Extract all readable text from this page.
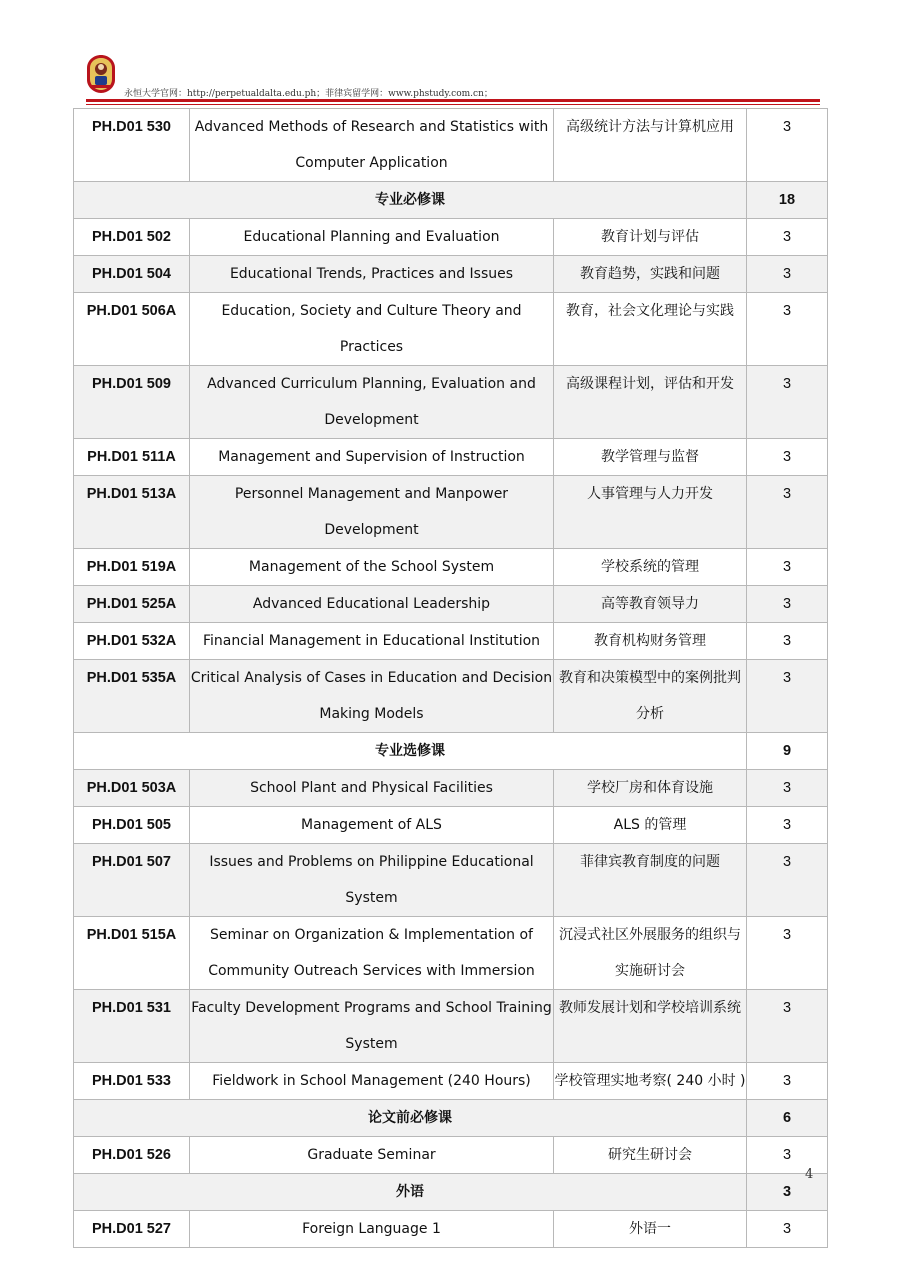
永恒大学官网：http://perpetualdalta.edu.ph；菲律宾留学网：www.phstudy.com.cn；
PH.D01 530	Advanced Methods of Research and Statistics with Computer Application	高级统计方法与计算机应用	3
专业必修课			18
PH.D01 502	Educational Planning and Evaluation	教育计划与评估	3
PH.D01 504	Educational Trends, Practices and Issues	教育趋势，实践和问题	3
PH.D01 506A	Education, Society and Culture Theory and Practices	教育，社会文化理论与实践	3
PH.D01 509	Advanced Curriculum Planning, Evaluation and Development	高级课程计划，评估和开发	3
PH.D01 511A	Management and Supervision of Instruction	教学管理与监督	3
PH.D01 513A	Personnel Management and Manpower Development	人事管理与人力开发	3
PH.D01 519A	Management of the School System	学校系统的管理	3
PH.D01 525A	Advanced Educational Leadership	高等教育领导力	3
PH.D01 532A	Financial Management in Educational Institution	教育机构财务管理	3
PH.D01 535A	Critical Analysis of Cases in Education and Decision Making Models	教育和决策模型中的案例批判分析	3
专业选修课			9
PH.D01 503A	School Plant and Physical Facilities	学校厂房和体育设施	3
PH.D01 505	Management of ALS	ALS 的管理	3
PH.D01 507	Issues and Problems on Philippine Educational System	菲律宾教育制度的问题	3
PH.D01 515A	Seminar on Organization & Implementation of Community Outreach Services with Immersion	沉浸式社区外展服务的组织与实施研讨会	3
PH.D01 531	Faculty Development Programs and School Training System	教师发展计划和学校培训系统	3
PH.D01 533	Fieldwork in School Management (240 Hours)	学校管理实地考察( 240 小时 )	3
论文前必修课			6
PH.D01 526	Graduate Seminar	研究生研讨会	3
外语			3
PH.D01 527	Foreign Language 1	外语一	3
4
